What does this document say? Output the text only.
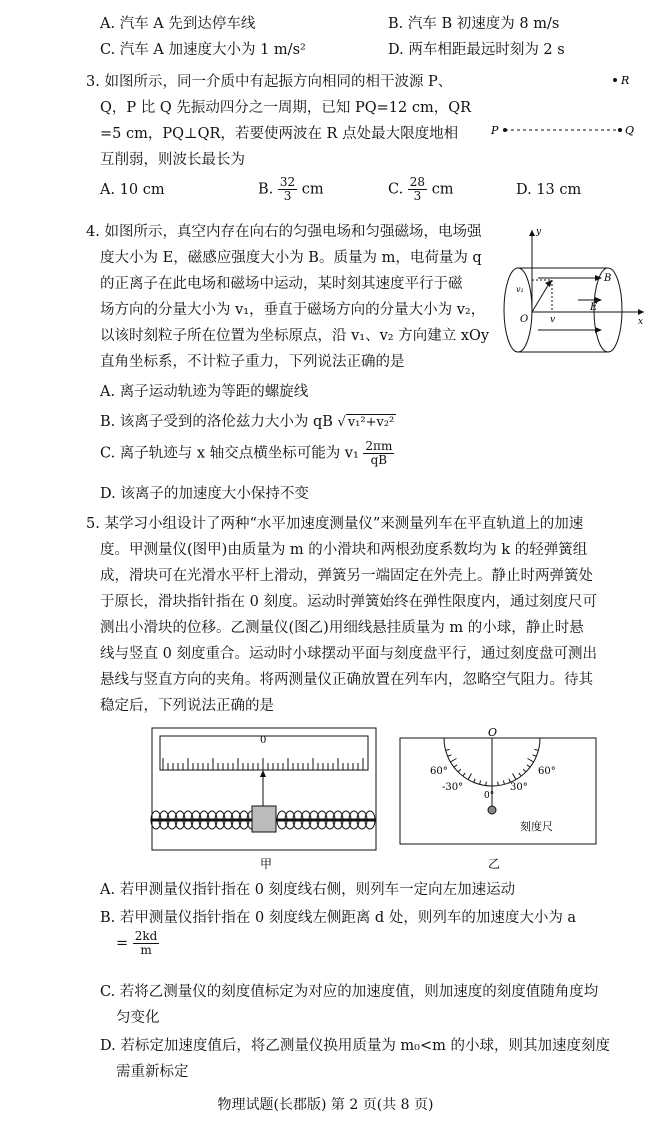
A. 汽车 A 先到达停车线	B. 汽车 B 初速度为 8 m/s
C. 汽车 A 加速度大小为 1 m/s²	D. 两车相距最远时刻为 2 s
3. 如图所示，同一介质中有起振方向相同的相干波源 P、
Q，P 比 Q 先振动四分之一周期，已知 PQ=12 cm，QR
=5 cm，PQ⊥QR，若要使两波在 R 点处最大限度地相
互削弱，则波长最长为
R
P	Q
A. 10 cm	B. $\frac{32}{3}$ cm	C. $\frac{28}{3}$ cm	D. 13 cm
4. 如图所示，真空内存在向右的匀强电场和匀强磁场，电场强
度大小为 E，磁感应强度大小为 B。质量为 m，电荷量为 q
的正离子在此电场和磁场中运动，某时刻其速度平行于磁
场方向的分量大小为 v₁，垂直于磁场方向的分量大小为 v₂，
以该时刻粒子所在位置为坐标原点，沿 v₁、v₂ 方向建立 xOy
直角坐标系，不计粒子重力，下列说法正确的是
y
x
O
B
E
v₁
v
A. 离子运动轨迹为等距的螺旋线
B. 该离子受到的洛伦兹力大小为 qB √ v₁²+v₂²
C. 离子轨迹与 x 轴交点横坐标可能为 $v_1 \frac{2\pi m}{qB}$
D. 该离子的加速度大小保持不变
5. 某学习小组设计了两种“水平加速度测量仪”来测量列车在平直轨道上的加速
度。甲测量仪(图甲)由质量为 m 的小滑块和两根劲度系数均为 k 的轻弹簧组
成，滑块可在光滑水平杆上滑动，弹簧另一端固定在外壳上。静止时两弹簧处
于原长，滑块指针指在 0 刻度。运动时弹簧始终在弹性限度内，通过刻度尺可
测出小滑块的位移。乙测量仪(图乙)用细线悬挂质量为 m 的小球，静止时悬
线与竖直 0 刻度重合。运动时小球摆动平面与刻度盘平行，通过刻度盘可测出
悬线与竖直方向的夹角。将两测量仪正确放置在列车内，忽略空气阻力。待其
稳定后，下列说法正确的是
0
甲
O
60°	60°
-30°	30°
0°
刻度尺
乙
A. 若甲测量仪指针指在 0 刻度线右侧，则列车一定向左加速运动
B. 若甲测量仪指针指在 0 刻度线左侧距离 d 处，则列车的加速度大小为 a
= $\frac{2kd}{m}$
C. 若将乙测量仪的刻度值标定为对应的加速度值，则加速度的刻度值随角度均
匀变化
D. 若标定加速度值后，将乙测量仪换用质量为 m₀<m 的小球，则其加速度刻度
需重新标定
物理试题(长郡版) 第 2 页(共 8 页)
